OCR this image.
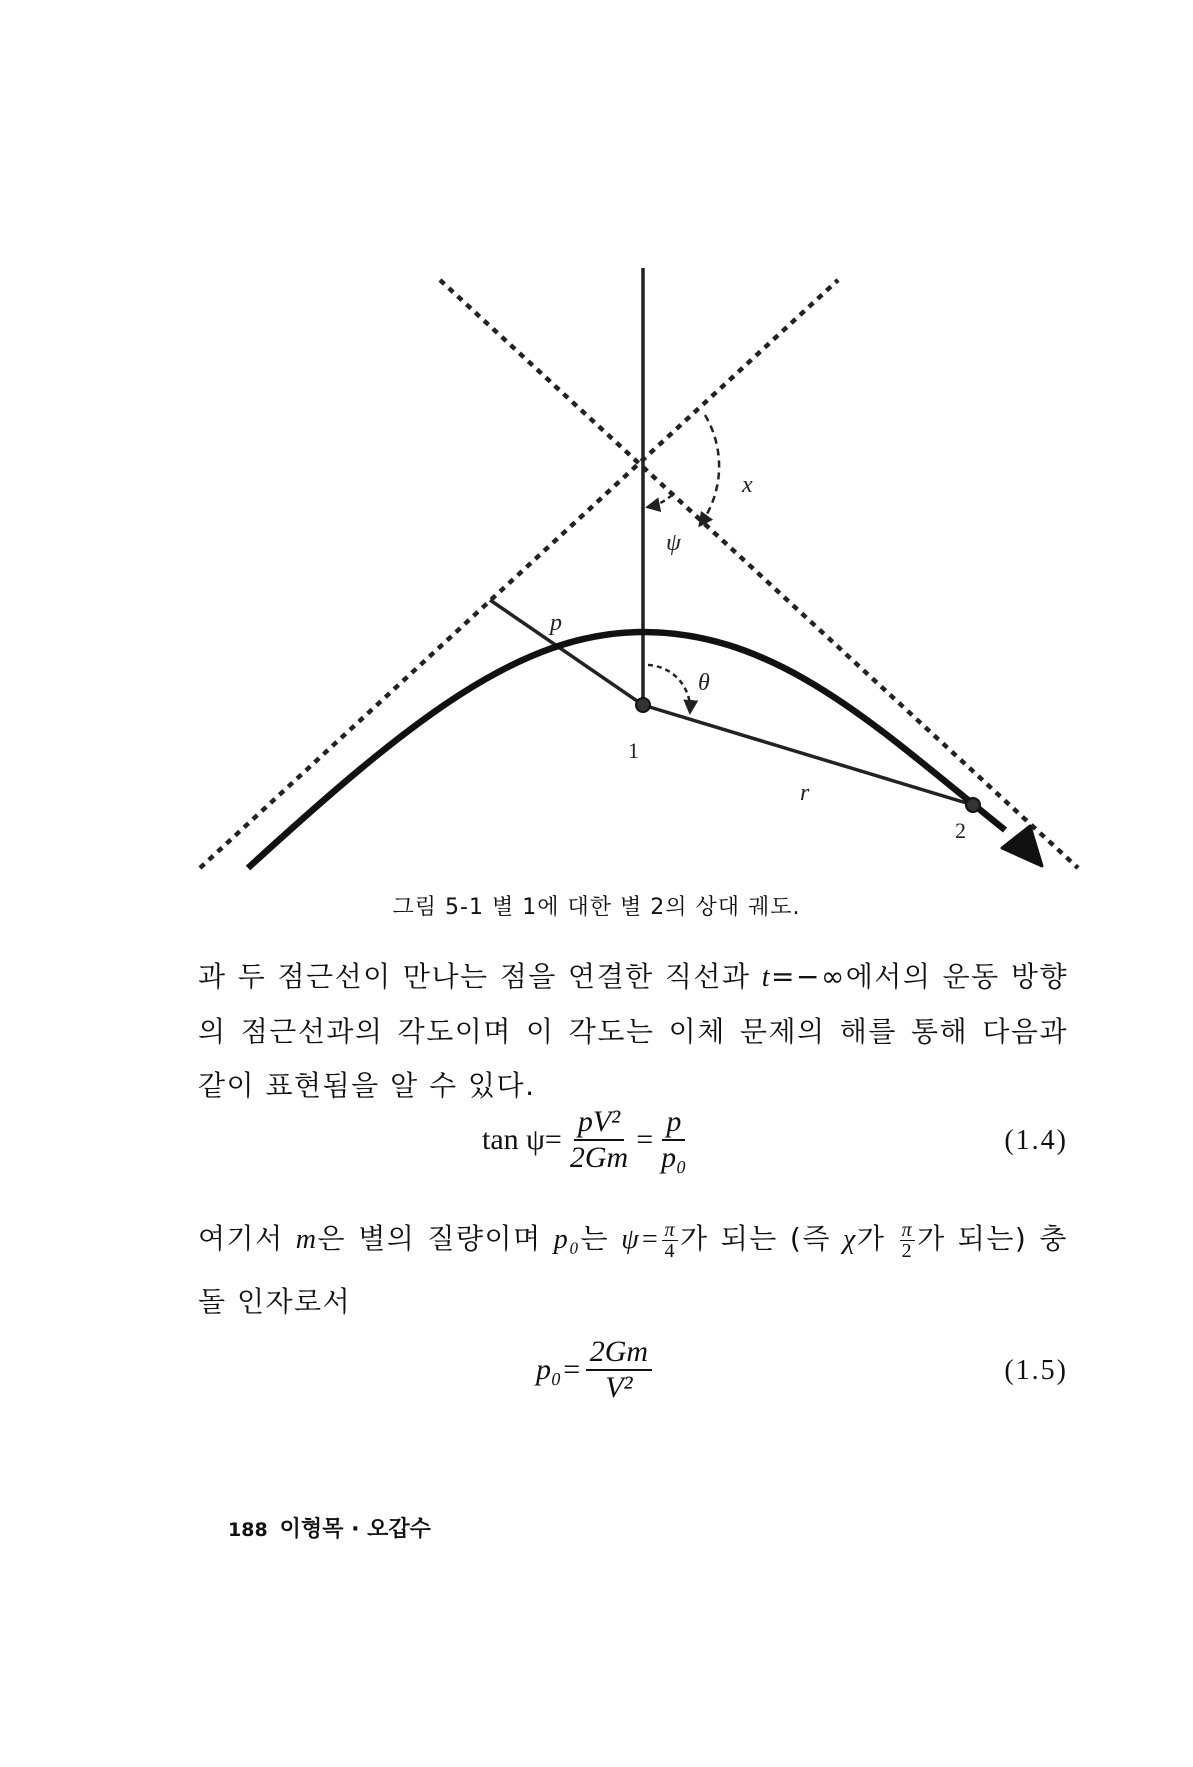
x
ψ
p
θ
r
1
2
그림 5-1 별 1에 대한 별 2의 상대 궤도.

과 두 점근선이 만나는 점을 연결한 직선과 t=−∞에서의 운동 방향의 점근선과의 각도이며 이 각도는 이체 문제의 해를 통해 다음과 같이 표현됨을 알 수 있다.

$\tan \psi= \frac{\text{pV²}}{2Gm} = \frac{p}{\text{p₀}}$	(1.4)

여기서 m은 별의 질량이며 p₀는 $\psi= \frac{\pi}{4}$ 가 되는 (즉 χ가 $\frac{\pi}{2}$ 가 되는) 충돌 인자로서

$p_0= \frac{2Gm}{\text{V²}}$	(1.5)
188 이형목 · 오갑수
